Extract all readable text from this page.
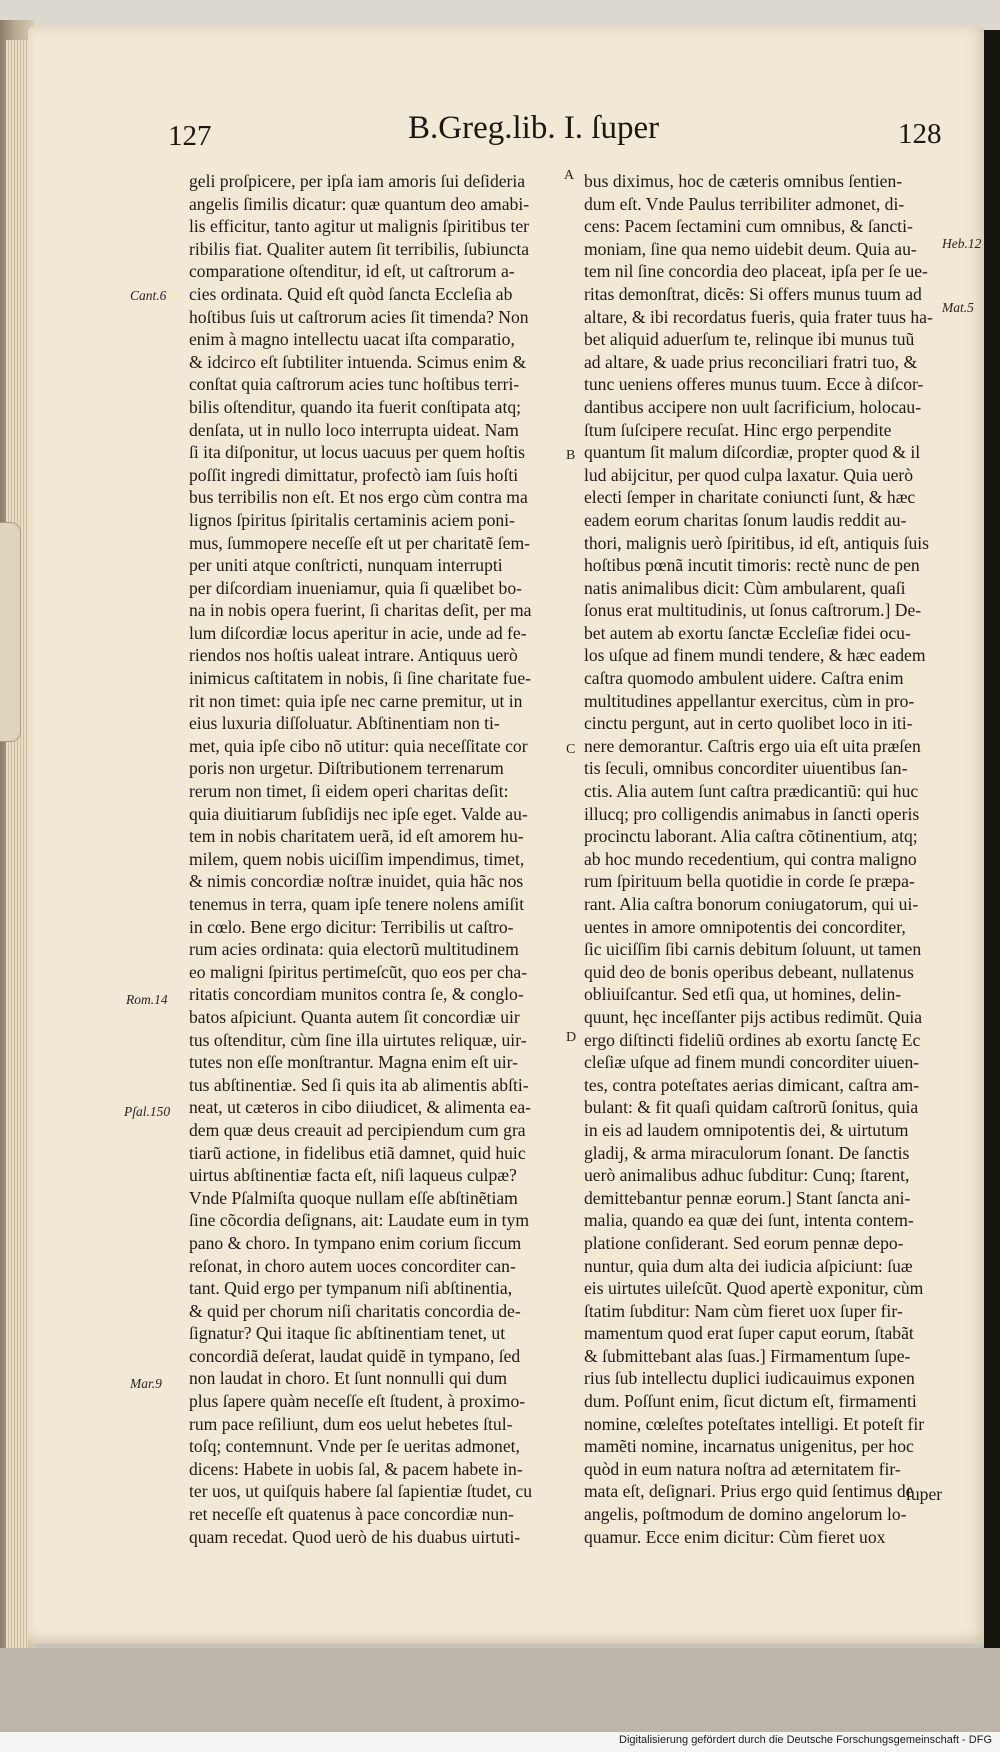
127	B.Greg.lib. I. ſuper	128
geli proſpicere, per ipſa iam amoris ſui deſideria
angelis ſimilis dicatur: quæ quantum deo amabi-
lis efficitur, tanto agitur ut malignis ſpiritibus ter
ribilis fiat. Qualiter autem ſit terribilis, ſubiuncta
comparatione oſtenditur, id eſt, ut caſtrorum a-
cies ordinata. Quid eſt quòd ſancta Eccleſia ab
hoſtibus ſuis ut caſtrorum acies ſit timenda? Non
enim à magno intellectu uacat iſta comparatio,
& idcirco eſt ſubtiliter intuenda. Scimus enim &
conſtat quia caſtrorum acies tunc hoſtibus terri-
bilis oſtenditur, quando ita fuerit conſtipata atq;
denſata, ut in nullo loco interrupta uideat. Nam
ſi ita diſponitur, ut locus uacuus per quem hoſtis
poſſit ingredi dimittatur, profectò iam ſuis hoſti
bus terribilis non eſt. Et nos ergo cùm contra ma
lignos ſpiritus ſpiritalis certaminis aciem poni-
mus, ſummopere neceſſe eſt ut per charitatẽ ſem-
per uniti atque conſtricti, nunquam interrupti
per diſcordiam inueniamur, quia ſi quælibet bo-
na in nobis opera fuerint, ſi charitas deſit, per ma
lum diſcordiæ locus aperitur in acie, unde ad fe-
riendos nos hoſtis ualeat intrare. Antiquus uerò
inimicus caſtitatem in nobis, ſi ſine charitate fue-
rit non timet: quia ipſe nec carne premitur, ut in
eius luxuria diſſoluatur. Abſtinentiam non ti-
met, quia ipſe cibo nõ utitur: quia neceſſitate cor
poris non urgetur. Diſtributionem terrenarum
rerum non timet, ſi eidem operi charitas deſit:
quia diuitiarum ſubſidijs nec ipſe eget. Valde au-
tem in nobis charitatem uerã, id eſt amorem hu-
milem, quem nobis uiciſſim impendimus, timet,
& nimis concordiæ noſtræ inuidet, quia hãc nos
tenemus in terra, quam ipſe tenere nolens amiſit
in cœlo. Bene ergo dicitur: Terribilis ut caſtro-
rum acies ordinata: quia electorũ multitudinem
eo maligni ſpiritus pertimeſcũt, quo eos per cha-
ritatis concordiam munitos contra ſe, & conglo-
batos aſpiciunt. Quanta autem ſit concordiæ uir
tus oſtenditur, cùm ſine illa uirtutes reliquæ, uir-
tutes non eſſe monſtrantur. Magna enim eſt uir-
tus abſtinentiæ. Sed ſi quis ita ab alimentis abſti-
neat, ut cæteros in cibo diiudicet, & alimenta ea-
dem quæ deus creauit ad percipiendum cum gra
tiarũ actione, in fidelibus etiã damnet, quid huic
uirtus abſtinentiæ facta eſt, niſi laqueus culpæ?
Vnde Pſalmiſta quoque nullam eſſe abſtinẽtiam
ſine cõcordia deſignans, ait: Laudate eum in tym
pano & choro. In tympano enim corium ſiccum
reſonat, in choro autem uoces concorditer can-
tant. Quid ergo per tympanum niſi abſtinentia,
& quid per chorum niſi charitatis concordia de-
ſignatur? Qui itaque ſic abſtinentiam tenet, ut
concordiã deſerat, laudat quidẽ in tympano, ſed
non laudat in choro. Et ſunt nonnulli qui dum
plus ſapere quàm neceſſe eſt ſtudent, à proximo-
rum pace reſiliunt, dum eos uelut hebetes ſtul-
toſq; contemnunt. Vnde per ſe ueritas admonet,
dicens: Habete in uobis ſal, & pacem habete in-
ter uos, ut quiſquis habere ſal ſapientiæ ſtudet, cu
ret neceſſe eſt quatenus à pace concordiæ nun-
quam recedat. Quod uerò de his duabus uirtuti-
bus diximus, hoc de cæteris omnibus ſentien-
dum eſt. Vnde Paulus terribiliter admonet, di-
cens: Pacem ſectamini cum omnibus, & ſancti-
moniam, ſine qua nemo uidebit deum. Quia au-
tem nil ſine concordia deo placeat, ipſa per ſe ue-
ritas demonſtrat, dicẽs: Si offers munus tuum ad
altare, & ibi recordatus fueris, quia frater tuus ha-
bet aliquid aduerſum te, relinque ibi munus tuũ
ad altare, & uade prius reconciliari fratri tuo, &
tunc ueniens offeres munus tuum. Ecce à diſcor-
dantibus accipere non uult ſacrificium, holocau-
ſtum ſuſcipere recuſat. Hinc ergo perpendite
quantum ſit malum diſcordiæ, propter quod & il
lud abijcitur, per quod culpa laxatur. Quia uerò
electi ſemper in charitate coniuncti ſunt, & hæc
eadem eorum charitas ſonum laudis reddit au-
thori, malignis uerò ſpiritibus, id eſt, antiquis ſuis
hoſtibus pœnã incutit timoris: rectè nunc de pen
natis animalibus dicit: Cùm ambularent, quaſi
ſonus erat multitudinis, ut ſonus caſtrorum.] De-
bet autem ab exortu ſanctæ Eccleſiæ fidei ocu-
los uſque ad finem mundi tendere, & hæc eadem
caſtra quomodo ambulent uidere. Caſtra enim
multitudines appellantur exercitus, cùm in pro-
cinctu pergunt, aut in certo quolibet loco in iti-
nere demorantur. Caſtris ergo uia eſt uita præſen
tis ſeculi, omnibus concorditer uiuentibus ſan-
ctis. Alia autem ſunt caſtra prædicantiũ: qui huc
illucq; pro colligendis animabus in ſancti operis
procinctu laborant. Alia caſtra cõtinentium, atq;
ab hoc mundo recedentium, qui contra maligno
rum ſpirituum bella quotidie in corde ſe præpa-
rant. Alia caſtra bonorum coniugatorum, qui ui-
uentes in amore omnipotentis dei concorditer,
ſic uiciſſim ſibi carnis debitum ſoluunt, ut tamen
quid deo de bonis operibus debeant, nullatenus
obliuiſcantur. Sed etſi qua, ut homines, delin-
quunt, hęc inceſſanter pijs actibus redimũt. Quia
ergo diſtincti fideliũ ordines ab exortu ſanctę Ec
cleſiæ uſque ad finem mundi concorditer uiuen-
tes, contra poteſtates aerias dimicant, caſtra am-
bulant: & fit quaſi quidam caſtrorũ ſonitus, quia
in eis ad laudem omnipotentis dei, & uirtutum
gladij, & arma miraculorum ſonant. De ſanctis
uerò animalibus adhuc ſubditur: Cunq; ſtarent,
demittebantur pennæ eorum.] Stant ſancta ani-
malia, quando ea quæ dei ſunt, intenta contem-
platione conſiderant. Sed eorum pennæ depo-
nuntur, quia dum alta dei iudicia aſpiciunt: ſuæ
eis uirtutes uileſcũt. Quod apertè exponitur, cùm
ſtatim ſubditur: Nam cùm fieret uox ſuper fir-
mamentum quod erat ſuper caput eorum, ſtabãt
& ſubmittebant alas ſuas.] Firmamentum ſupe-
rius ſub intellectu duplici iudicauimus exponen
dum. Poſſunt enim, ſicut dictum eſt, firmamenti
nomine, cœleſtes poteſtates intelligi. Et poteſt fir
mamẽti nomine, incarnatus unigenitus, per hoc
quòd in eum natura noſtra ad æternitatem fir-
mata eſt, deſignari. Prius ergo quid ſentimus de
angelis, poſtmodum de domino angelorum lo-
quamur. Ecce enim dicitur: Cùm fieret uox
Cant.6
Rom.14
Pſal.150
Mar.9
Heb.12
Mat.5
A
B
C
D
ſuper
Digitalisierung gefördert durch die Deutsche Forschungsgemeinschaft - DFG
